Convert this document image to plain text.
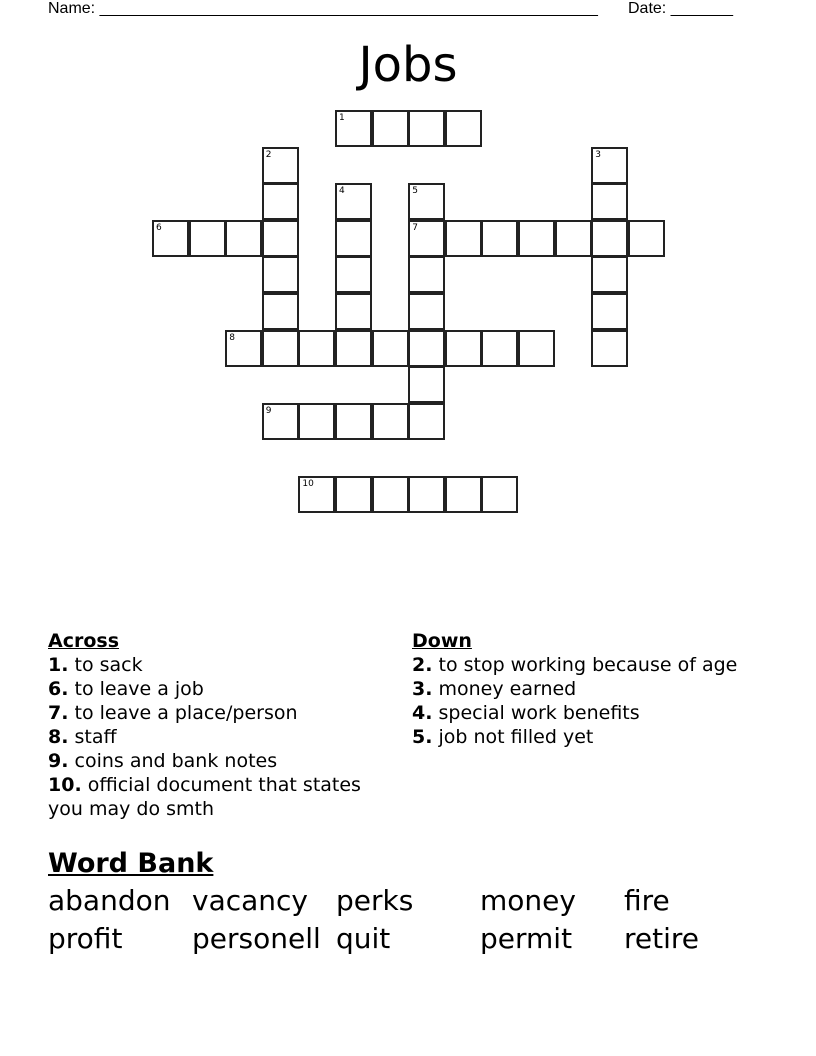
Name: ________________________________________________________ Date: _______
Jobs
1
2	3
4	5
6	7
8
9
10
Across
1. to sack
6. to leave a job
7. to leave a place/person
8. staff
9. coins and bank notes
10. official document that states you may do smth
Down
2. to stop working because of age
3. money earned
4. special work benefits
5. job not filled yet
Word Bank
abandon vacancy perks money fire
profit personell quit	permit retire
